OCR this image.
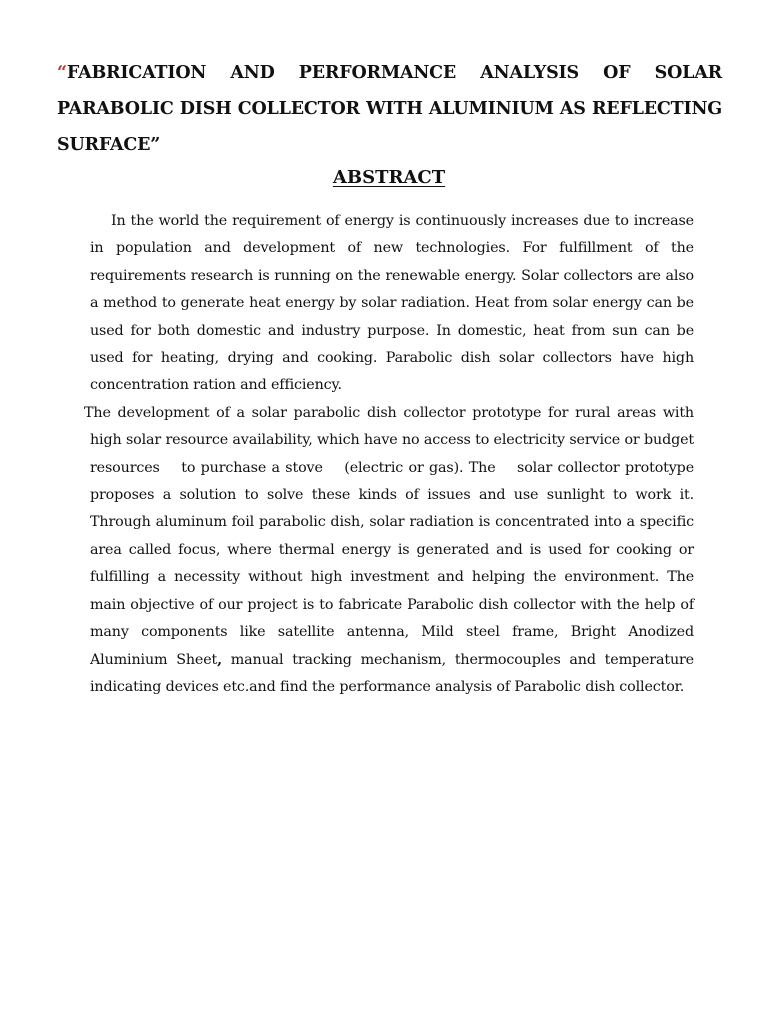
“FABRICATION AND PERFORMANCE ANALYSIS OF SOLAR PARABOLIC DISH COLLECTOR WITH ALUMINIUM AS REFLECTING SURFACE”
ABSTRACT

In the world the requirement of energy is continuously increases due to increase in population and development of new technologies. For fulfillment of the requirements research is running on the renewable energy. Solar collectors are also a method to generate heat energy by solar radiation. Heat from solar energy can be used for both domestic and industry purpose. In domestic, heat from sun can be used for heating, drying and cooking. Parabolic dish solar collectors have high concentration ration and efficiency.

The development of a solar parabolic dish collector prototype for rural areas with high solar resource availability, which have no access to electricity service or budget    resources    to purchase a stove    (electric or gas). The    solar collector prototype proposes a solution to solve these kinds of issues and use sunlight to work it. Through aluminum foil parabolic dish, solar radiation is concentrated into a specific area called focus, where thermal energy is generated and is used for cooking or fulfilling a necessity without high investment and helping the environment. The main objective of our project is to fabricate Parabolic dish collector with the help of many components like satellite antenna, Mild steel frame, Bright Anodized Aluminium Sheet, manual tracking mechanism, thermocouples and temperature indicating devices etc.and find the performance analysis of Parabolic dish collector.
